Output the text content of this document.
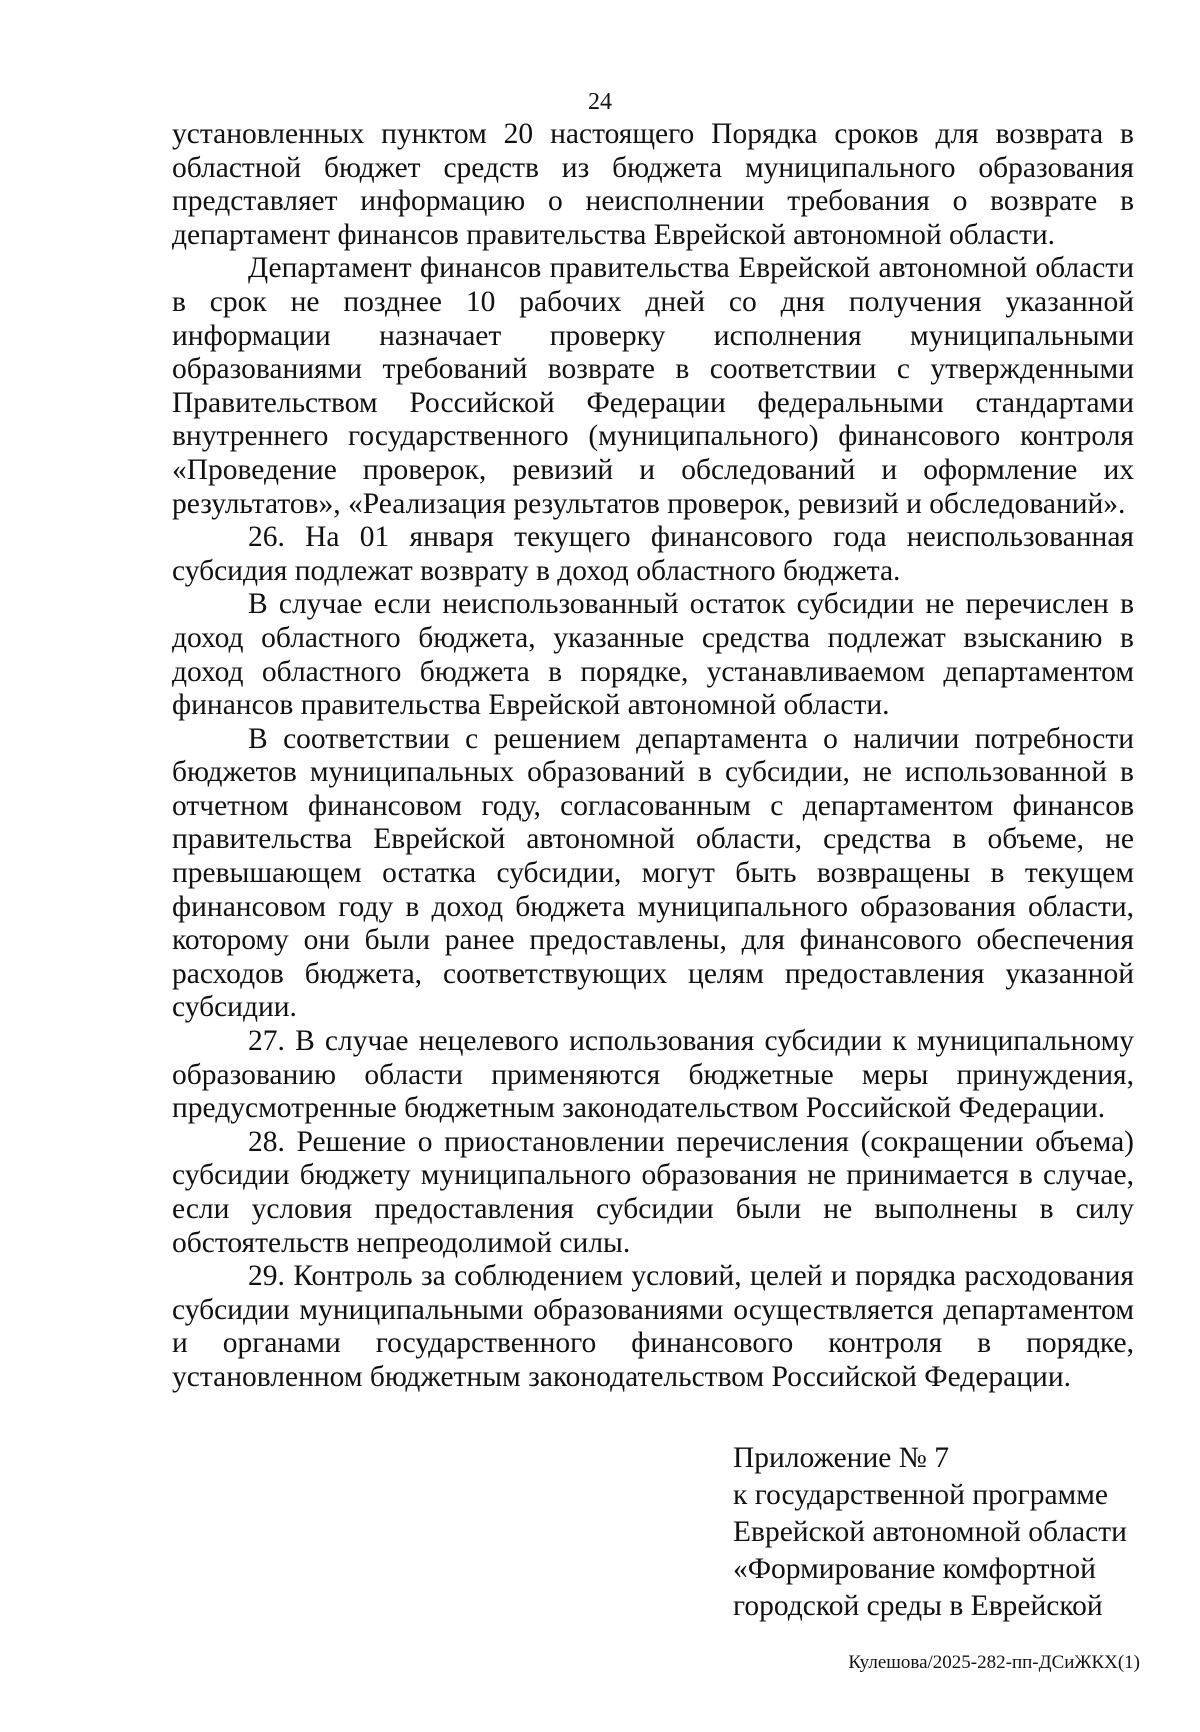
24

установленных пунктом 20 настоящего Порядка сроков для возврата в областной бюджет средств из бюджета муниципального образования представляет информацию о неисполнении требования о возврате в департамент финансов правительства Еврейской автономной области.

Департамент финансов правительства Еврейской автономной области в срок не позднее 10 рабочих дней со дня получения указанной информации назначает проверку исполнения муниципальными образованиями требований возврате в соответствии с утвержденными Правительством Российской Федерации федеральными стандартами внутреннего государственного (муниципального) финансового контроля «Проведение проверок, ревизий и обследований и оформление их результатов», «Реализация результатов проверок, ревизий и обследований».

26. На 01 января текущего финансового года неиспользованная субсидия подлежат возврату в доход областного бюджета.

В случае если неиспользованный остаток субсидии не перечислен в доход областного бюджета, указанные средства подлежат взысканию в доход областного бюджета в порядке, устанавливаемом департаментом финансов правительства Еврейской автономной области.

В соответствии с решением департамента о наличии потребности бюджетов муниципальных образований в субсидии, не использованной в отчетном финансовом году, согласованным с департаментом финансов правительства Еврейской автономной области, средства в объеме, не превышающем остатка субсидии, могут быть возвращены в текущем финансовом году в доход бюджета муниципального образования области, которому они были ранее предоставлены, для финансового обеспечения расходов бюджета, соответствующих целям предоставления указанной субсидии.

27. В случае нецелевого использования субсидии к муниципальному образованию области применяются бюджетные меры принуждения, предусмотренные бюджетным законодательством Российской Федерации.

28. Решение о приостановлении перечисления (сокращении объема) субсидии бюджету муниципального образования не принимается в случае, если условия предоставления субсидии были не выполнены в силу обстоятельств непреодолимой силы.

29. Контроль за соблюдением условий, целей и порядка расходования субсидии муниципальными образованиями осуществляется департаментом и органами государственного финансового контроля в порядке, установленном бюджетным законодательством Российской Федерации.

Приложение № 7
к государственной программе
Еврейской автономной области
«Формирование комфортной
городской среды в Еврейской
Кулешова/2025-282-пп-ДСиЖКХ(1)
